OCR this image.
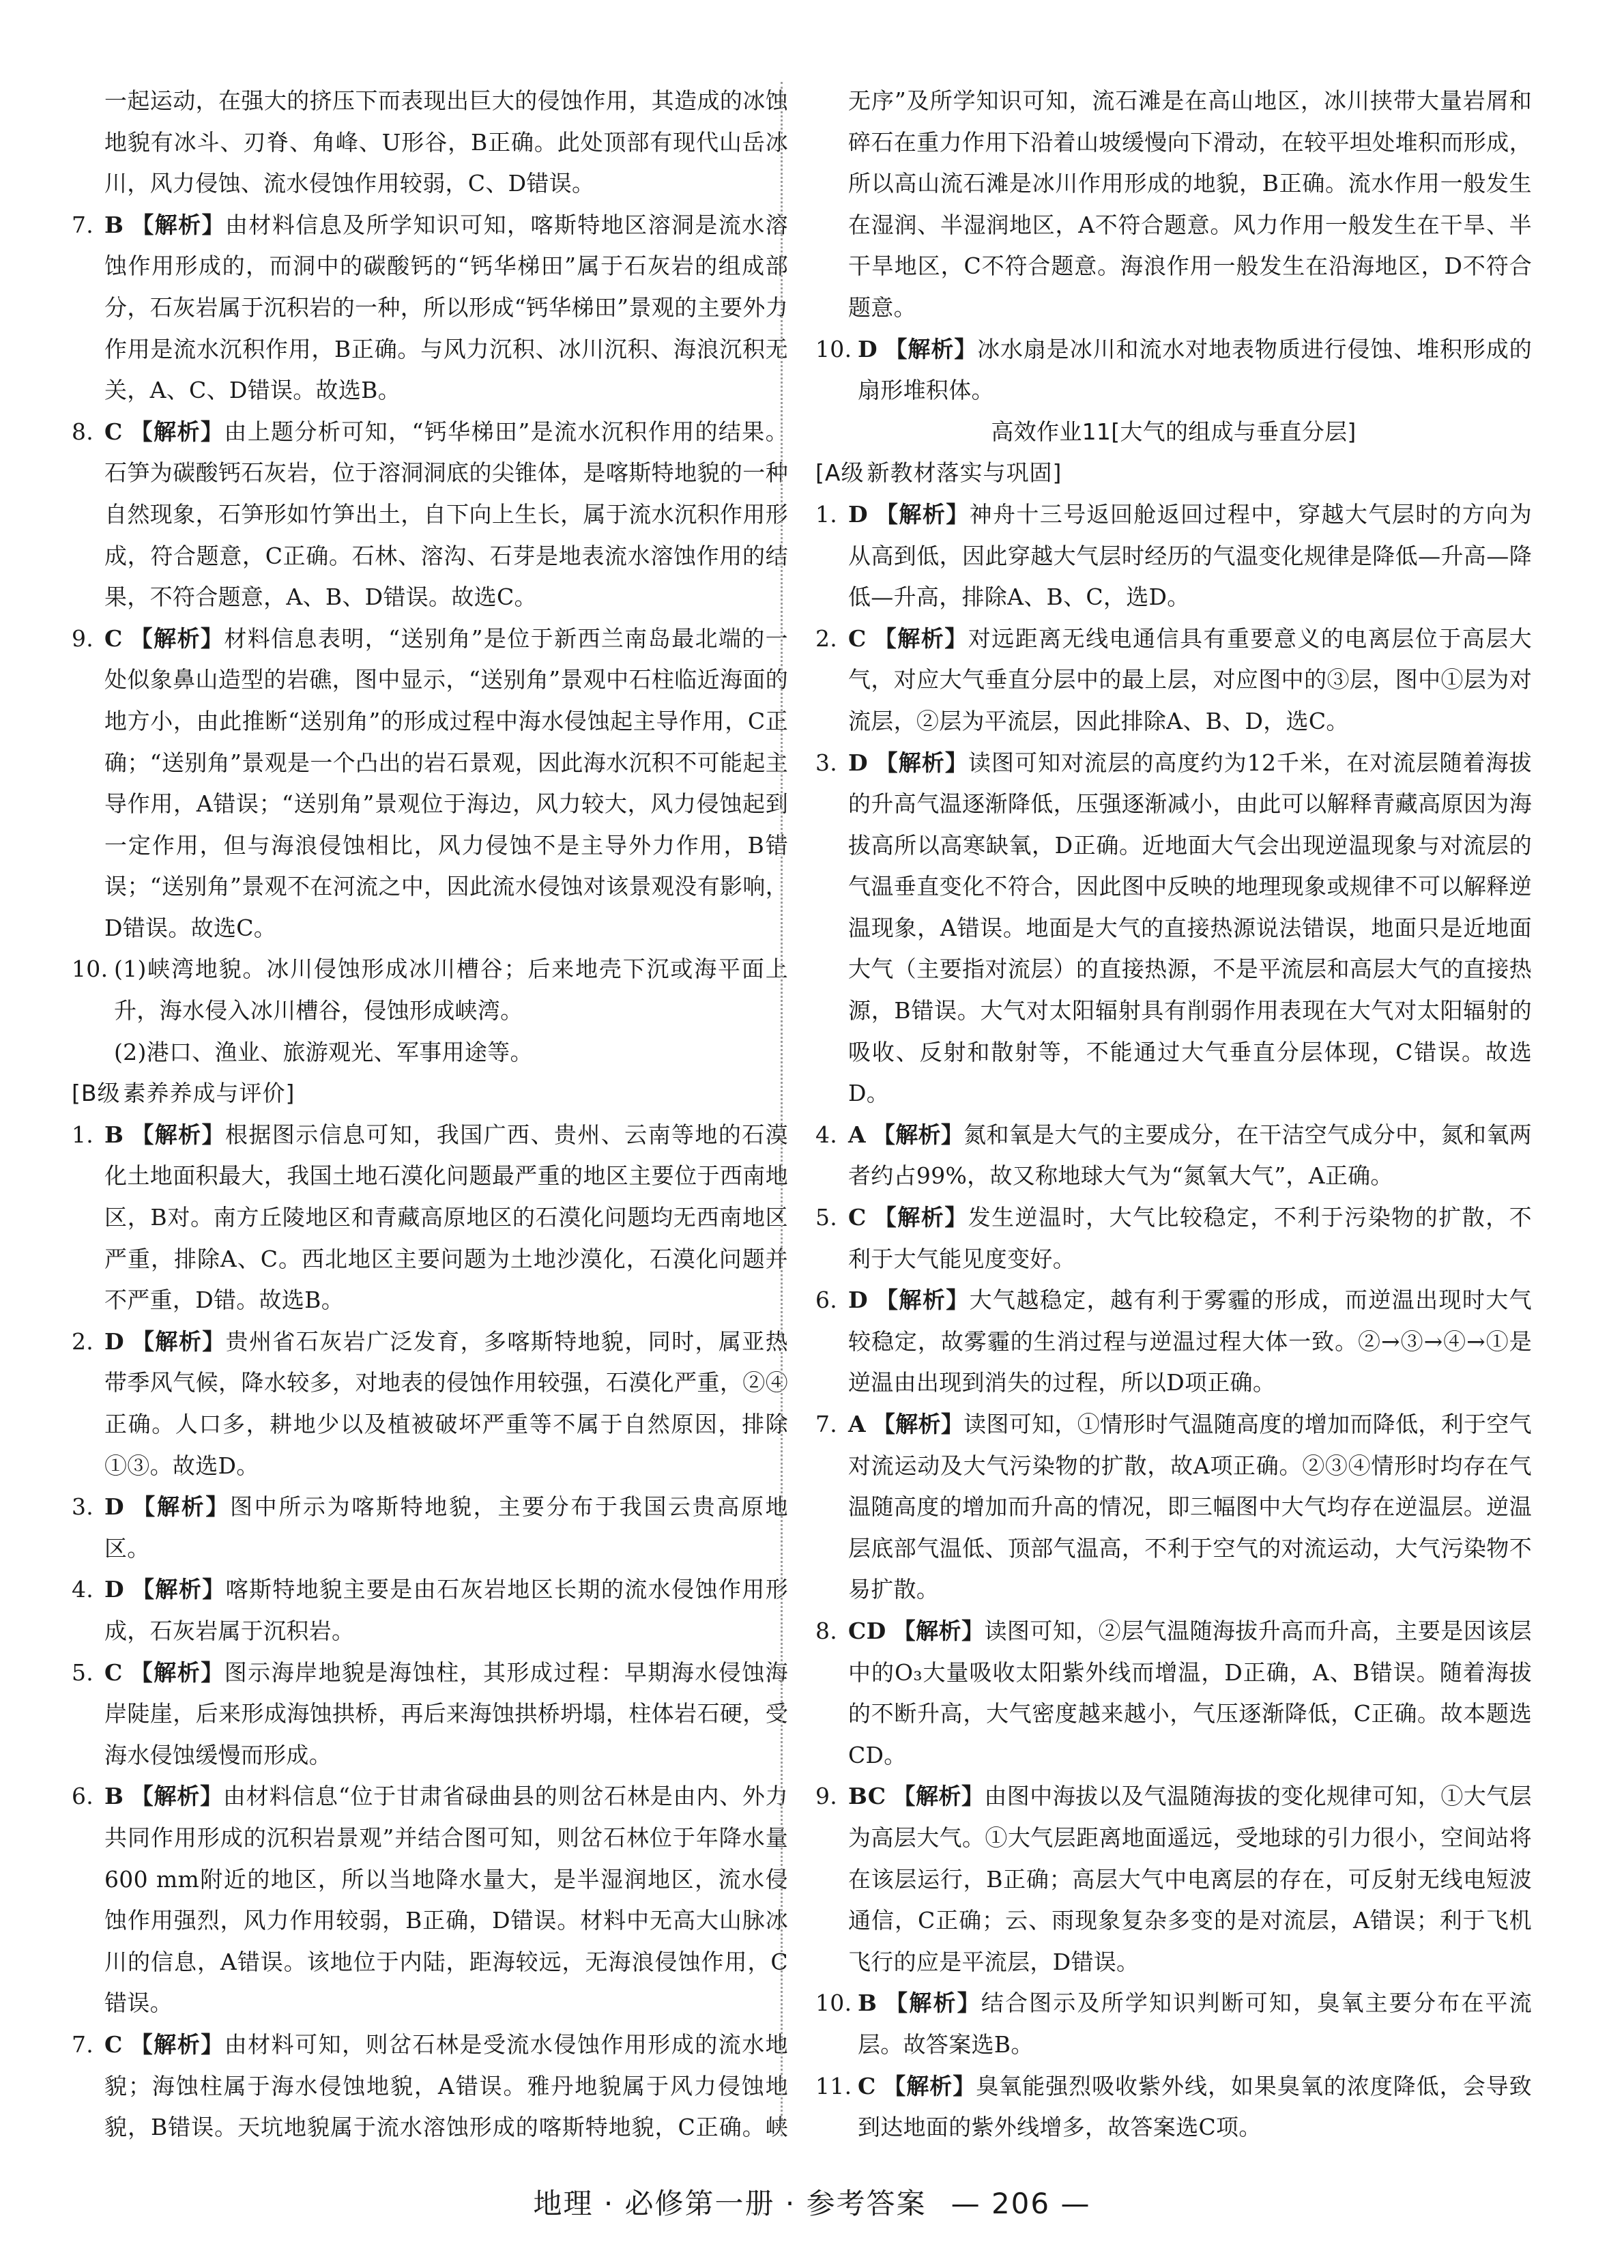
一起运动，在强大的挤压下而表现出巨大的侵蚀作用，其造成的冰蚀地貌有冰斗、刃脊、角峰、U形谷，B正确。此处顶部有现代山岳冰川，风力侵蚀、流水侵蚀作用较弱，C、D错误。
7. B 【 解析 】 由材料信息及所学知识可知，喀斯特地区溶洞是流水溶蚀作用形成的，而洞中的碳酸钙的“钙华梯田”属于石灰岩的组成部分，石灰岩属于沉积岩的一种，所以形成“钙华梯田”景观的主要外力作用是流水沉积作用，B正确。与风力沉积、冰川沉积、海浪沉积无关，A、C、D错误。故选B。
8. C 【 解析 】 由上题分析可知，“钙华梯田”是流水沉积作用的结果。石笋为碳酸钙石灰岩，位于溶洞洞底的尖锥体，是喀斯特地貌的一种自然现象，石笋形如竹笋出土，自下向上生长，属于流水沉积作用形成，符合题意，C正确。石林、溶沟、石芽是地表流水溶蚀作用的结果，不符合题意，A、B、D错误。故选C。
9. C 【 解析 】 材料信息表明，“送别角”是位于新西兰南岛最北端的一处似象鼻山造型的岩礁，图中显示，“送别角”景观中石柱临近海面的地方小，由此推断“送别角”的形成过程中海水侵蚀起主导作用，C正确；“送别角”景观是一个凸出的岩石景观，因此海水沉积不可能起主导作用，A错误；“送别角”景观位于海边，风力较大，风力侵蚀起到一定作用，但与海浪侵蚀相比，风力侵蚀不是主导外力作用，B错误；“送别角”景观不在河流之中，因此流水侵蚀对该景观没有影响，D错误。故选C。
10. (1)峡湾地貌。冰川侵蚀形成冰川槽谷；后来地壳下沉或海平面上升，海水侵入冰川槽谷，侵蚀形成峡湾。
(2)港口、渔业、旅游观光、军事用途等。
[B级 素养养成与评价]
1. B 【 解析 】 根据图示信息可知，我国广西、贵州、云南等地的石漠化土地面积最大，我国土地石漠化问题最严重的地区主要位于西南地区，B对。南方丘陵地区和青藏高原地区的石漠化问题均无西南地区严重，排除A、C。西北地区主要问题为土地沙漠化，石漠化问题并不严重，D错。故选B。
2. D 【 解析 】 贵州省石灰岩广泛发育，多喀斯特地貌，同时，属亚热带季风气候，降水较多，对地表的侵蚀作用较强，石漠化严重，②④正确。人口多，耕地少以及植被破坏严重等不属于自然原因，排除①③。故选D。
3. D 【 解析 】 图中所示为喀斯特地貌，主要分布于我国云贵高原地区。
4. D 【 解析 】 喀斯特地貌主要是由石灰岩地区长期的流水侵蚀作用形成，石灰岩属于沉积岩。
5. C 【 解析 】 图示海岸地貌是海蚀柱，其形成过程：早期海水侵蚀海岸陡崖，后来形成海蚀拱桥，再后来海蚀拱桥坍塌，柱体岩石硬，受海水侵蚀缓慢而形成。
6. B 【 解析 】 由材料信息“位于甘肃省碌曲县的则岔石林是由内、外力共同作用形成的沉积岩景观”并结合图可知，则岔石林位于年降水量600 mm附近的地区，所以当地降水量大，是半湿润地区，流水侵蚀作用强烈，风力作用较弱，B正确，D错误。材料中无高大山脉冰川的信息，A错误。该地位于内陆，距海较远，无海浪侵蚀作用，C错误。
7. C 【 解析 】 由材料可知，则岔石林是受流水侵蚀作用形成的流水地貌；海蚀柱属于海水侵蚀地貌，A错误。雅丹地貌属于风力侵蚀地貌，B错误。天坑地貌属于流水溶蚀形成的喀斯特地貌，C正确。峡
无序”及所学知识可知，流石滩是在高山地区，冰川挟带大量岩屑和碎石在重力作用下沿着山坡缓慢向下滑动，在较平坦处堆积而形成，所以高山流石滩是冰川作用形成的地貌，B正确。流水作用一般发生在湿润、半湿润地区，A不符合题意。风力作用一般发生在干旱、半干旱地区，C不符合题意。海浪作用一般发生在沿海地区，D不符合题意。
10. D 【 解析 】 冰水扇是冰川和流水对地表物质进行侵蚀、堆积形成的扇形堆积体。
高效作业11[大气的组成与垂直分层]
[A级 新教材落实与巩固]
1. D 【 解析 】 神舟十三号返回舱返回过程中，穿越大气层时的方向为从高到低，因此穿越大气层时经历的气温变化规律是降低—升高—降低—升高，排除A、B、C，选D。
2. C 【 解析 】 对远距离无线电通信具有重要意义的电离层位于高层大气，对应大气垂直分层中的最上层，对应图中的③层，图中①层为对流层，②层为平流层，因此排除A、B、D，选C。
3. D 【 解析 】 读图可知对流层的高度约为12千米，在对流层随着海拔的升高气温逐渐降低，压强逐渐减小，由此可以解释青藏高原因为海拔高所以高寒缺氧，D正确。近地面大气会出现逆温现象与对流层的气温垂直变化不符合，因此图中反映的地理现象或规律不可以解释逆温现象，A错误。地面是大气的直接热源说法错误，地面只是近地面大气（主要指对流层）的直接热源，不是平流层和高层大气的直接热源，B错误。大气对太阳辐射具有削弱作用表现在大气对太阳辐射的吸收、反射和散射等，不能通过大气垂直分层体现，C错误。故选D。
4. A 【 解析 】 氮和氧是大气的主要成分，在干洁空气成分中，氮和氧两者约占99%，故又称地球大气为“氮氧大气”，A正确。
5. C 【 解析 】 发生逆温时，大气比较稳定，不利于污染物的扩散，不利于大气能见度变好。
6. D 【 解析 】 大气越稳定，越有利于雾霾的形成，而逆温出现时大气较稳定，故雾霾的生消过程与逆温过程大体一致。②→③→④→①是逆温由出现到消失的过程，所以D项正确。
7. A 【 解析 】 读图可知，①情形时气温随高度的增加而降低，利于空气对流运动及大气污染物的扩散，故A项正确。②③④情形时均存在气温随高度的增加而升高的情况，即三幅图中大气均存在逆温层。逆温层底部气温低、顶部气温高，不利于空气的对流运动，大气污染物不易扩散。
8. CD 【 解析 】 读图可知，②层气温随海拔升高而升高，主要是因该层中的O₃大量吸收太阳紫外线而增温，D正确，A、B错误。随着海拔的不断升高，大气密度越来越小，气压逐渐降低，C正确。故本题选CD。
9. BC 【 解析 】 由图中海拔以及气温随海拔的变化规律可知，①大气层为高层大气。①大气层距离地面遥远，受地球的引力很小，空间站将在该层运行，B正确；高层大气中电离层的存在，可反射无线电短波通信，C正确；云、雨现象复杂多变的是对流层，A错误；利于飞机飞行的应是平流层，D错误。
10. B 【 解析 】 结合图示及所学知识判断可知，臭氧主要分布在平流层。故答案选B。
11. C 【 解析 】 臭氧能强烈吸收紫外线，如果臭氧的浓度降低，会导致到达地面的紫外线增多，故答案选C项。
地理 · 必修第一册 · 参考答案 — 206 —
